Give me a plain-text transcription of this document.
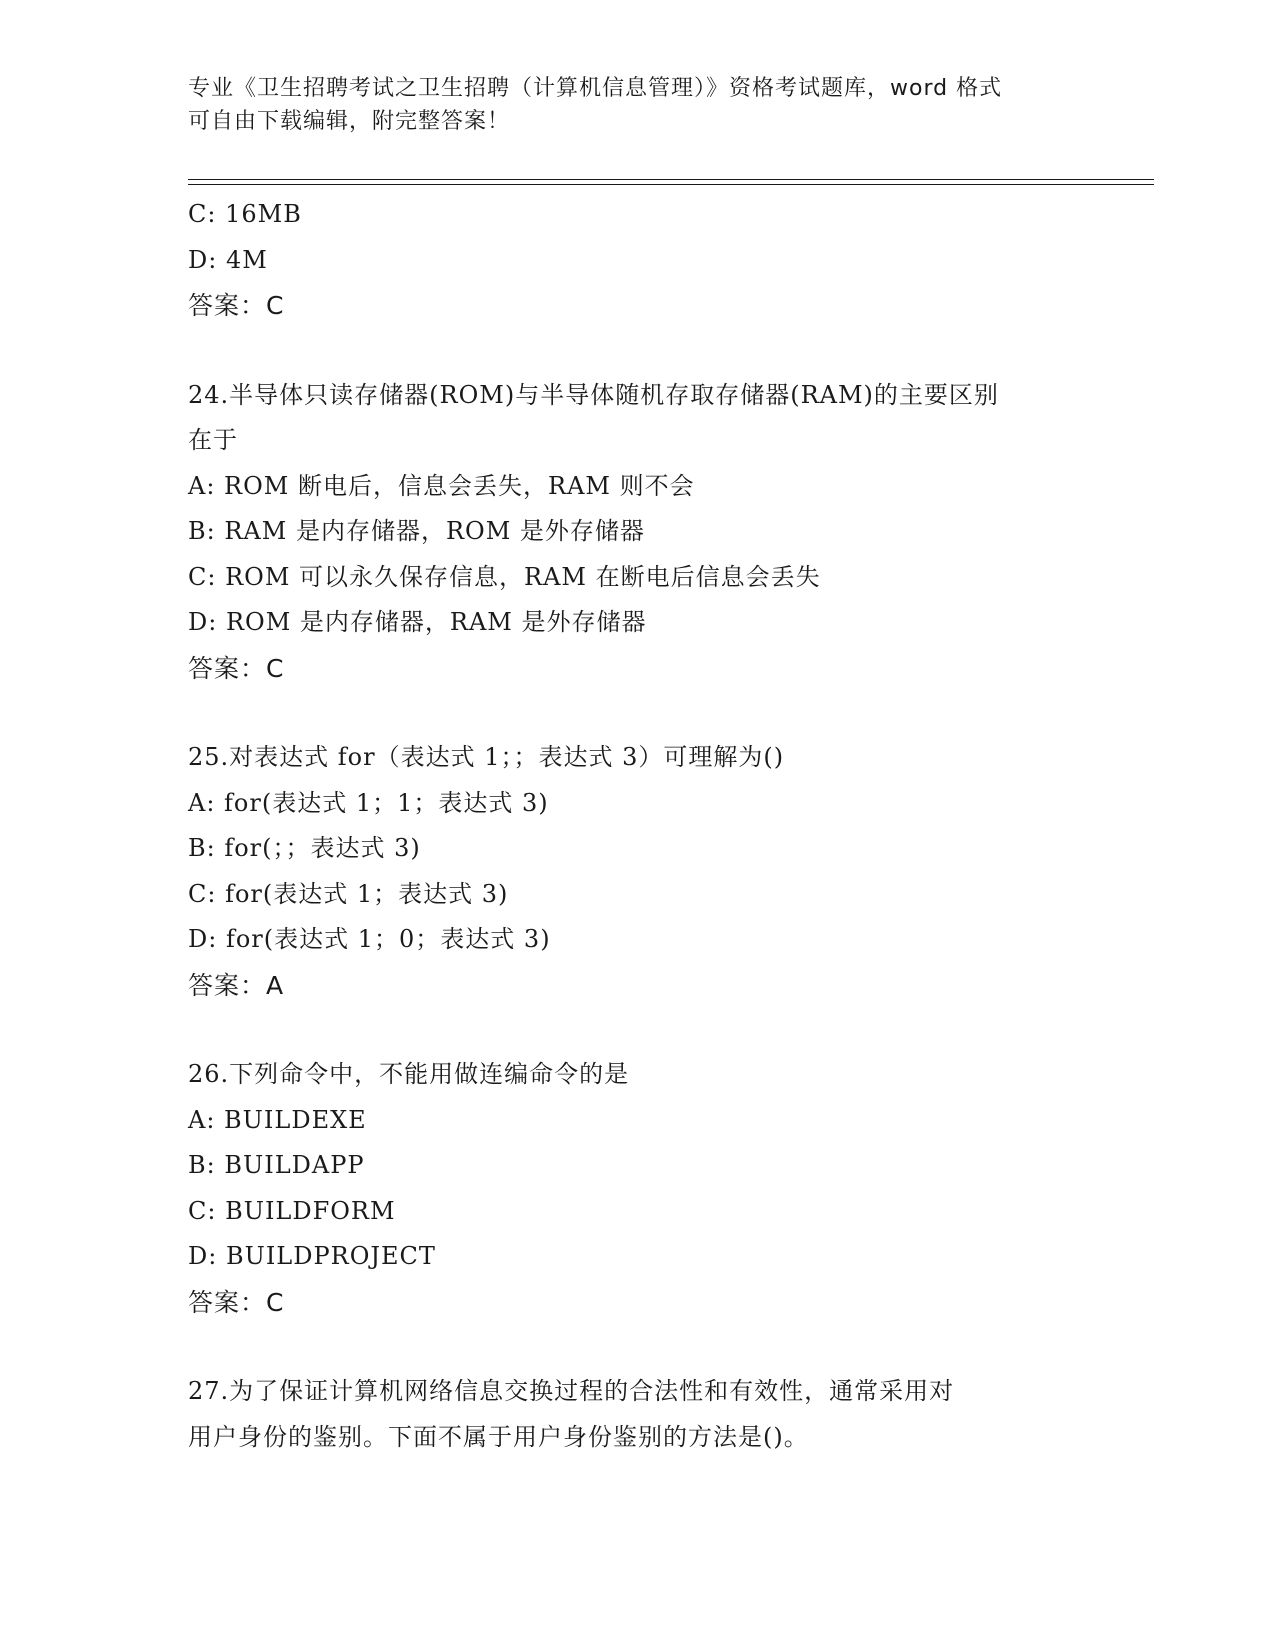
专业《卫生招聘考试之卫生招聘（计算机信息管理）》资格考试题库，word 格式
可自由下载编辑，附完整答案！
C: 16MB
D: 4M
答案：C
24.半导体只读存储器(ROM)与半导体随机存取存储器(RAM)的主要区别
在于
A: ROM 断电后，信息会丢失，RAM 则不会
B: RAM 是内存储器，ROM 是外存储器
C: ROM 可以永久保存信息，RAM 在断电后信息会丢失
D: ROM 是内存储器，RAM 是外存储器
答案：C
25.对表达式 for（表达式 1；；表达式 3）可理解为()
A: for(表达式 1；1；表达式 3)
B: for(；；表达式 3)
C: for(表达式 1；表达式 3)
D: for(表达式 1；0；表达式 3)
答案：A
26.下列命令中，不能用做连编命令的是
A: BUILDEXE
B: BUILDAPP
C: BUILDFORM
D: BUILDPROJECT
答案：C
27.为了保证计算机网络信息交换过程的合法性和有效性，通常采用对
用户身份的鉴别。下面不属于用户身份鉴别的方法是()。
